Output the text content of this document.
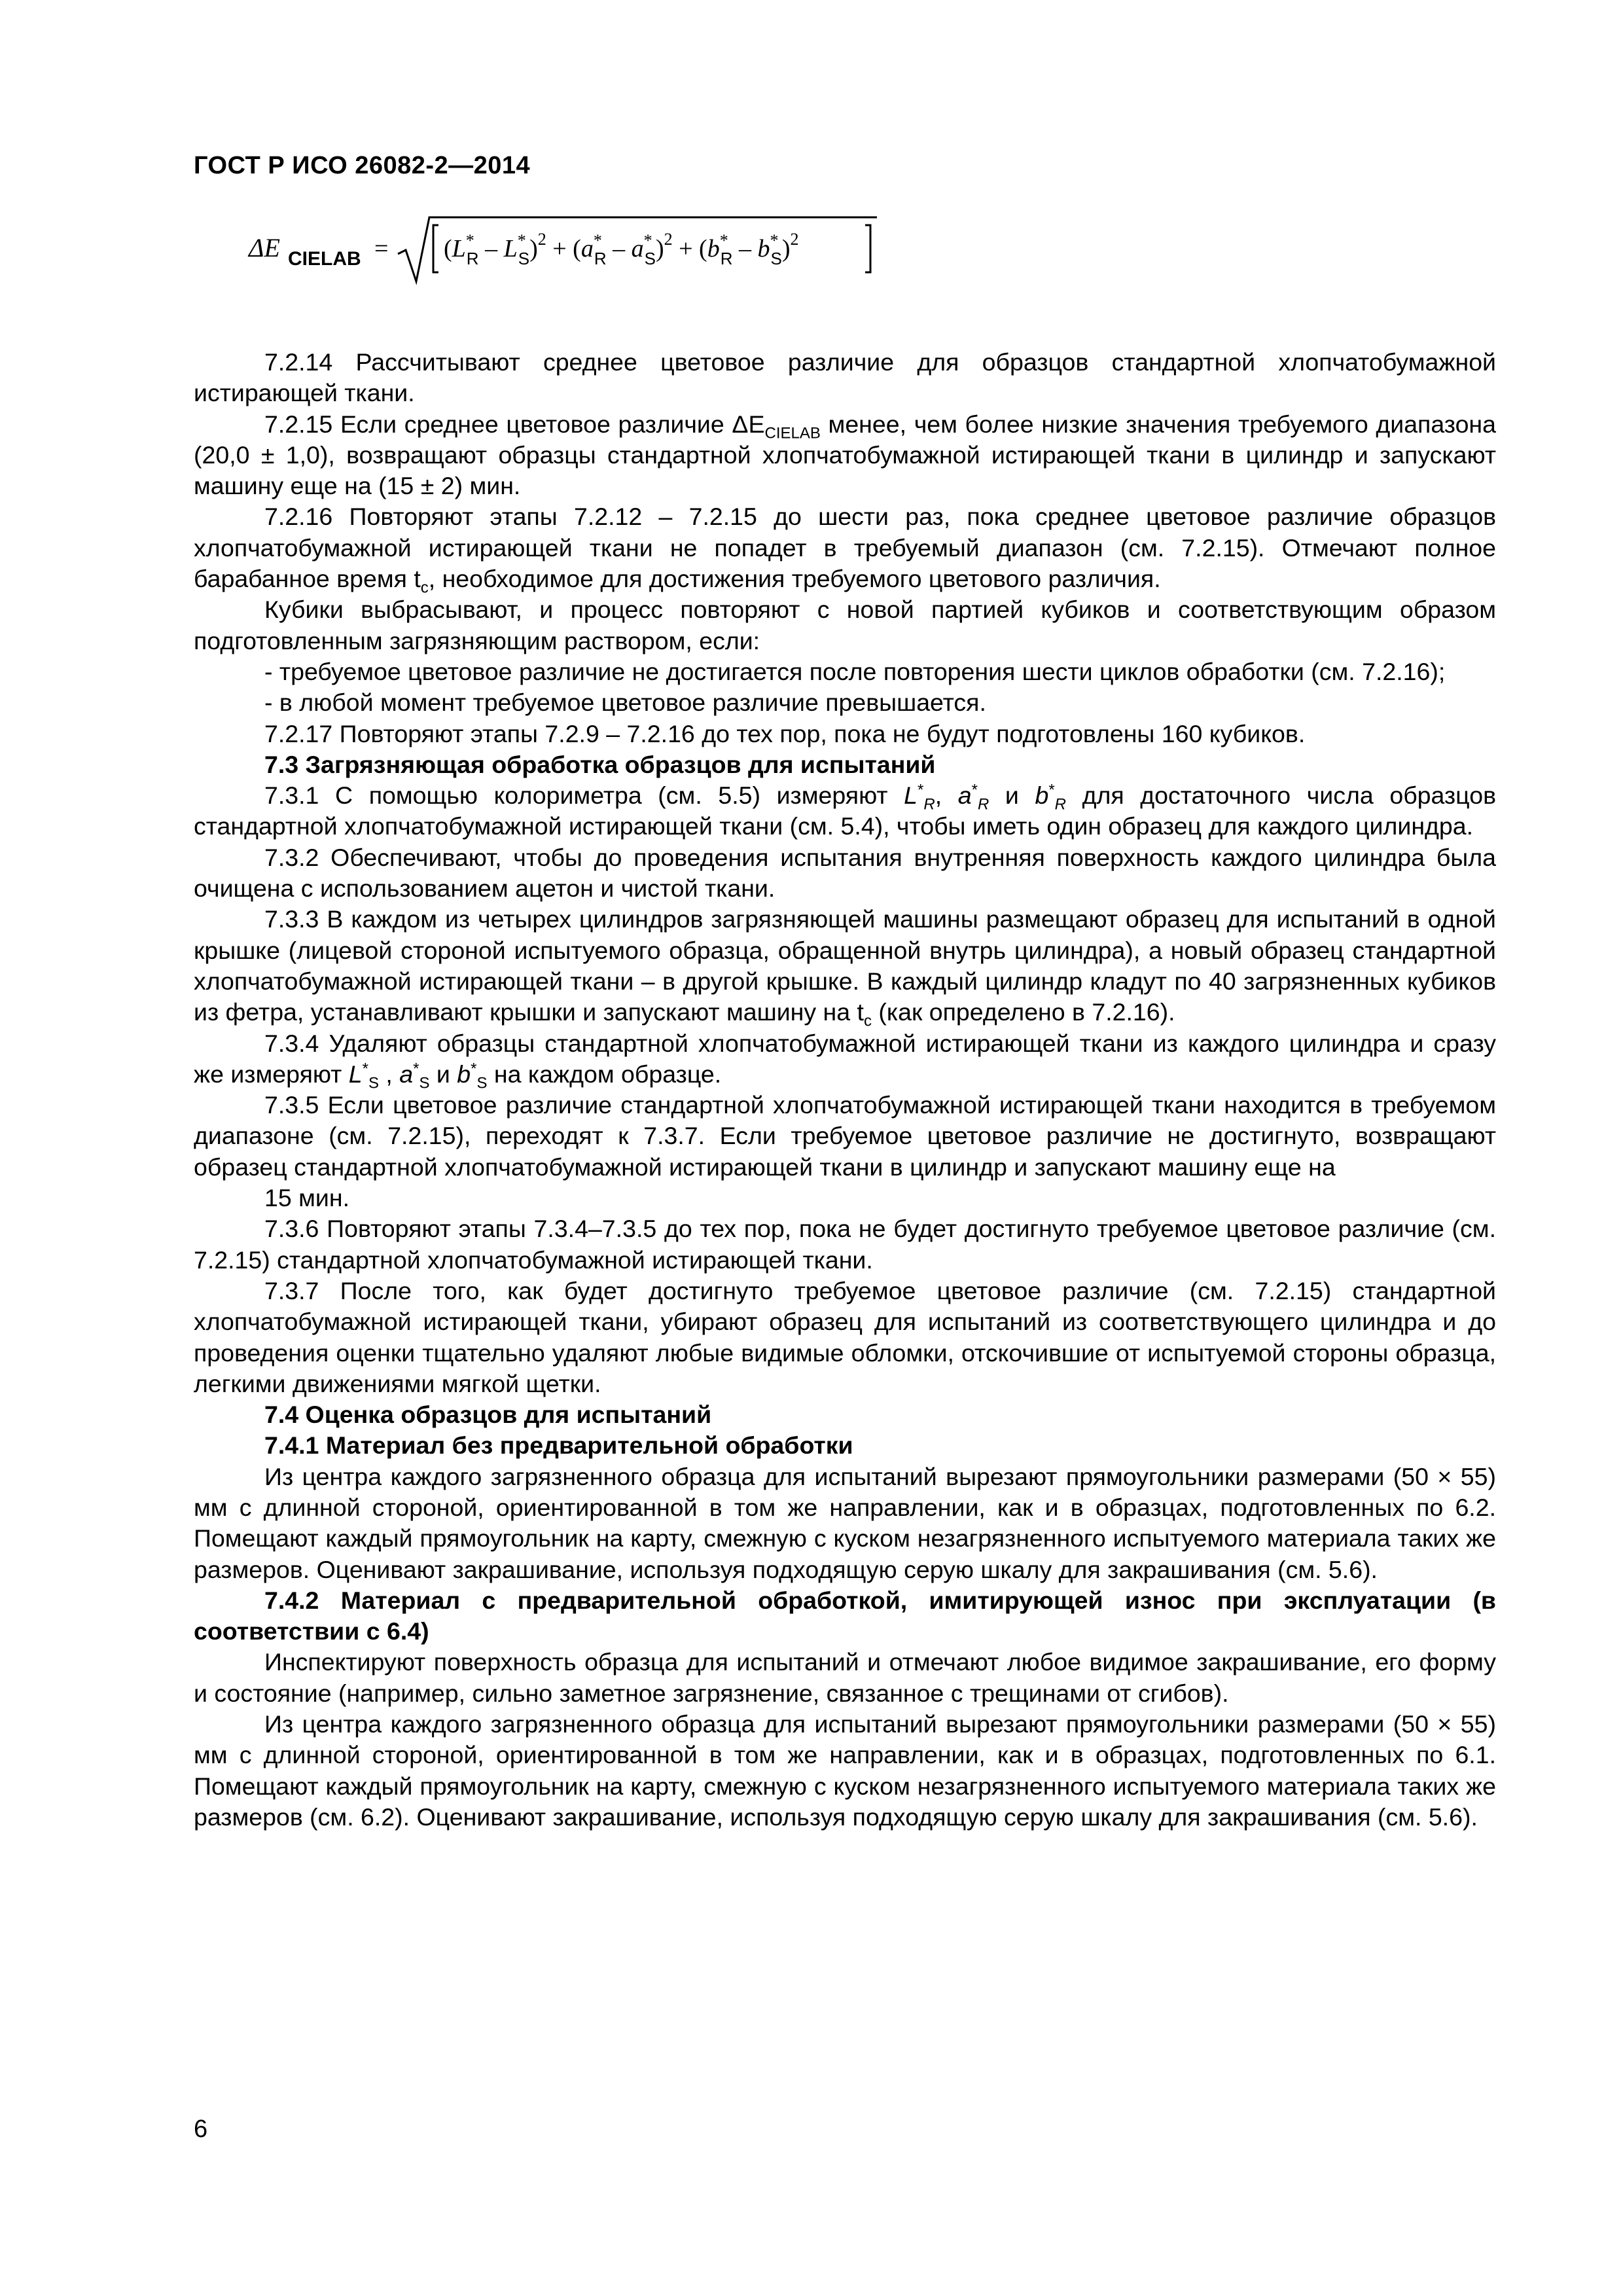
ГОСТ Р ИСО 26082-2—2014
ΔE CIELAB = (L* R – L* S)$^2$ + (a* R – a* S)$^2$ + (b* R – b* S)$^2$

7.2.14 Рассчитывают среднее цветовое различие для образцов стандартной хлопчатобумажной истирающей ткани.

7.2.15 Если среднее цветовое различие $\Delta E_{CIELAB}$ менее, чем более низкие значения требуемого диапазона (20,0 ± 1,0), возвращают образцы стандартной хлопчатобумажной истирающей ткани в цилиндр и запускают машину еще на (15 ± 2) мин.

7.2.16 Повторяют этапы 7.2.12 – 7.2.15 до шести раз, пока среднее цветовое различие образцов хлопчатобумажной истирающей ткани не попадет в требуемый диапазон (см. 7.2.15). Отмечают полное барабанное время $t_c$, необходимое для достижения требуемого цветового различия.

Кубики выбрасывают, и процесс повторяют с новой партией кубиков и соответствующим образом подготовленным загрязняющим раствором, если:

- требуемое цветовое различие не достигается после повторения шести циклов обработки (см. 7.2.16);

- в любой момент требуемое цветовое различие превышается.

7.2.17 Повторяют этапы 7.2.9 – 7.2.16 до тех пор, пока не будут подготовлены 160 кубиков.

7.3 Загрязняющая обработка образцов для испытаний

7.3.1 С помощью колориметра (см. 5.5) измеряют $L^*_R$, $a^*_R$ и $b^*_R$ для достаточного числа образцов стандартной хлопчатобумажной истирающей ткани (см. 5.4), чтобы иметь один образец для каждого цилиндра.

7.3.2 Обеспечивают, чтобы до проведения испытания внутренняя поверхность каждого цилиндра была очищена с использованием ацетон и чистой ткани.

7.3.3 В каждом из четырех цилиндров загрязняющей машины размещают образец для испытаний в одной крышке (лицевой стороной испытуемого образца, обращенной внутрь цилиндра), а новый образец стандартной хлопчатобумажной истирающей ткани – в другой крышке. В каждый цилиндр кладут по 40 загрязненных кубиков из фетра, устанавливают крышки и запускают машину на $t_c$ (как определено в 7.2.16).

7.3.4 Удаляют образцы стандартной хлопчатобумажной истирающей ткани из каждого цилиндра и сразу же измеряют $L^*_S$ , $a^*_S$ и $b^*_S$ на каждом образце.

7.3.5 Если цветовое различие стандартной хлопчатобумажной истирающей ткани находится в требуемом диапазоне (см. 7.2.15), переходят к 7.3.7. Если требуемое цветовое различие не достигнуто, возвращают образец стандартной хлопчатобумажной истирающей ткани в цилиндр и запускают машину еще на

15 мин.

7.3.6 Повторяют этапы 7.3.4–7.3.5 до тех пор, пока не будет достигнуто требуемое цветовое различие (см. 7.2.15) стандартной хлопчатобумажной истирающей ткани.

7.3.7 После того, как будет достигнуто требуемое цветовое различие (см. 7.2.15) стандартной хлопчатобумажной истирающей ткани, убирают образец для испытаний из соответствующего цилиндра и до проведения оценки тщательно удаляют любые видимые обломки, отскочившие от испытуемой стороны образца, легкими движениями мягкой щетки.

7.4 Оценка образцов для испытаний

7.4.1 Материал без предварительной обработки

Из центра каждого загрязненного образца для испытаний вырезают прямоугольники размерами (50 × 55) мм с длинной стороной, ориентированной в том же направлении, как и в образцах, подготовленных по 6.2. Помещают каждый прямоугольник на карту, смежную с куском незагрязненного испытуемого материала таких же размеров. Оценивают закрашивание, используя подходящую серую шкалу для закрашивания (см. 5.6).

7.4.2 Материал с предварительной обработкой, имитирующей износ при эксплуатации (в соответствии с 6.4)

Инспектируют поверхность образца для испытаний и отмечают любое видимое закрашивание, его форму и состояние (например, сильно заметное загрязнение, связанное с трещинами от сгибов).

Из центра каждого загрязненного образца для испытаний вырезают прямоугольники размерами (50 × 55) мм с длинной стороной, ориентированной в том же направлении, как и в образцах, подготовленных по 6.1. Помещают каждый прямоугольник на карту, смежную с куском незагрязненного испытуемого материала таких же размеров (см. 6.2). Оценивают закрашивание, используя подходящую серую шкалу для закрашивания (см. 5.6).

6
